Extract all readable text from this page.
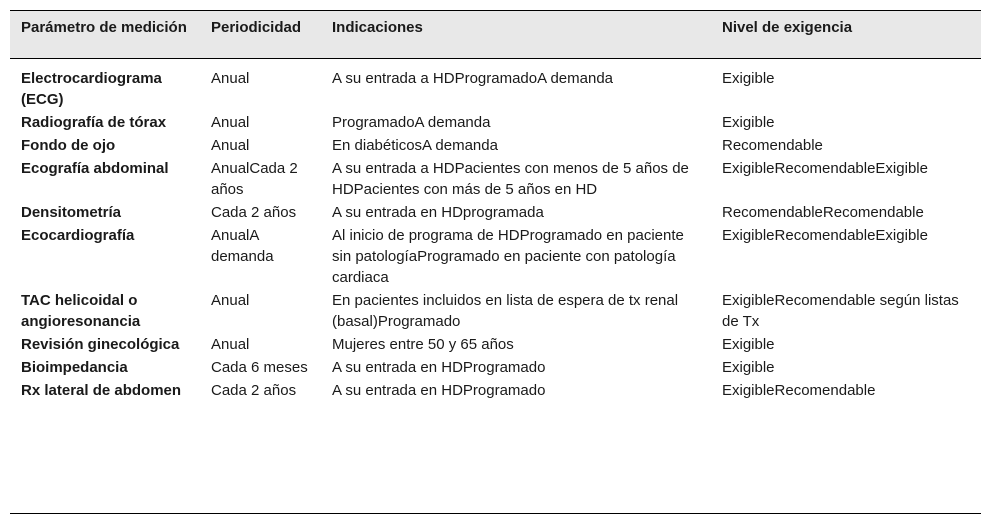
Parámetro de medición	Periodicidad	Indicaciones	Nivel de exigencia
Electrocardiograma (ECG)	Anual	A su entrada a HDProgramadoA demanda	Exigible
Radiografía de tórax	Anual	ProgramadoA demanda	Exigible
Fondo de ojo	Anual	En diabéticosA demanda	Recomendable
Ecografía abdominal	AnualCada 2 años	A su entrada a HDPacientes con menos de 5 años de HDPacientes con más de 5 años en HD	ExigibleRecomendableExigible
Densitometría	Cada 2 años	A su entrada en HDprogramada	RecomendableRecomendable
Ecocardiografía	AnualA demanda	Al inicio de programa de HDProgramado en paciente sin patologíaProgramado en paciente con patología cardiaca	ExigibleRecomendableExigible
TAC helicoidal o angioresonancia	Anual	En pacientes incluidos en lista de espera de tx renal (basal)Programado	ExigibleRecomendable según listas de Tx
Revisión ginecológica	Anual	Mujeres entre 50 y 65 años	Exigible
Bioimpedancia	Cada 6 meses	A su entrada en HDProgramado	Exigible
Rx lateral de abdomen	Cada 2 años	A su entrada en HDProgramado	ExigibleRecomendable
